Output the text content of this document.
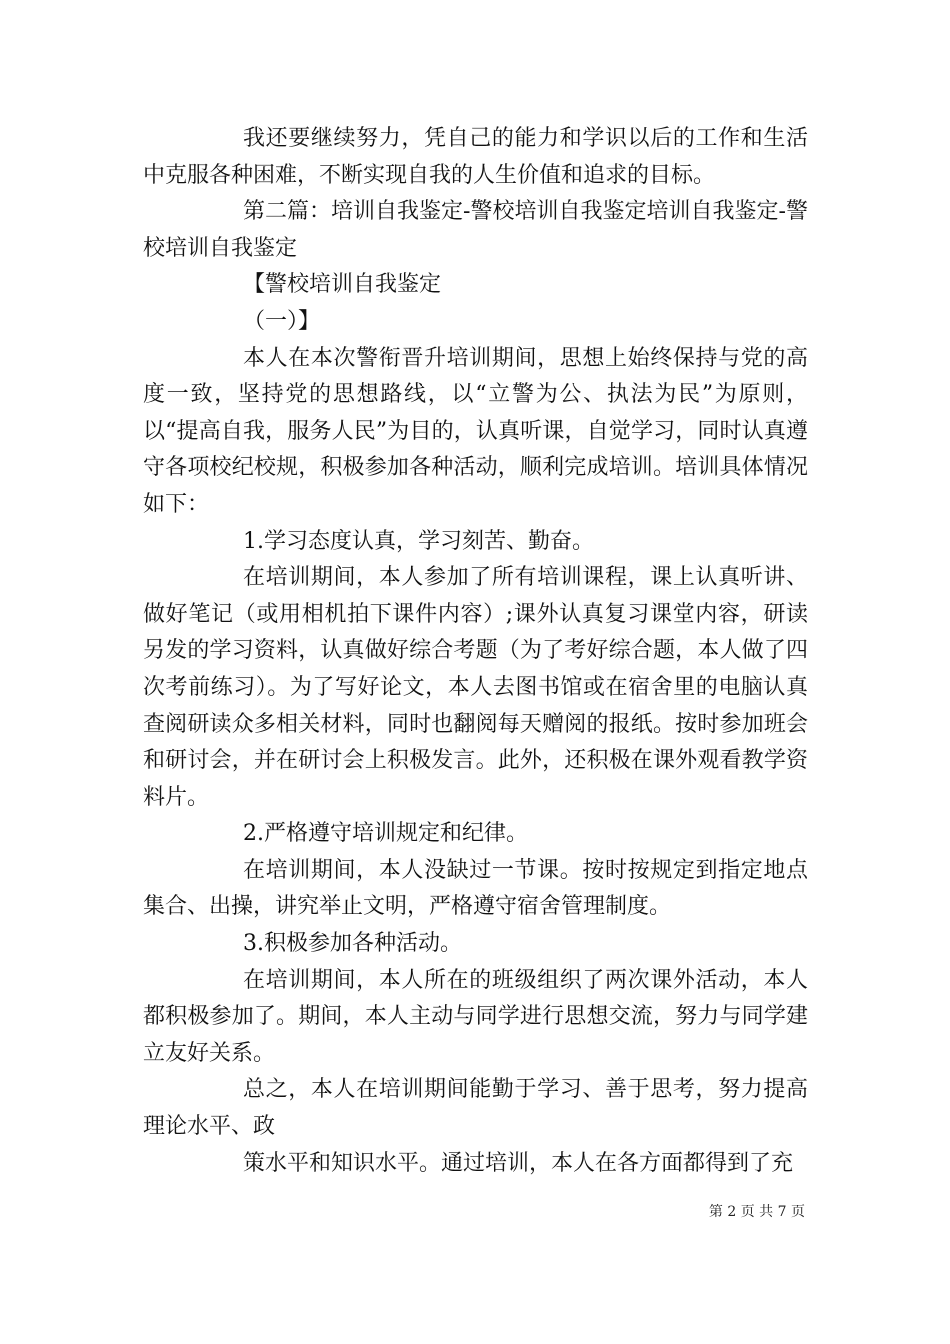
我还要继续努力，凭自己的能力和学识以后的工作和生活中克服各种困难，不断实现自我的人生价值和追求的目标。

第二篇：培训自我鉴定-警校培训自我鉴定培训自我鉴定-警校培训自我鉴定

【警校培训自我鉴定

（一）】

本人在本次警衔晋升培训期间，思想上始终保持与党的高度一致，坚持党的思想路线，以“立警为公、执法为民”为原则，以“提高自我，服务人民”为目的，认真听课，自觉学习，同时认真遵守各项校纪校规，积极参加各种活动，顺利完成培训。培训具体情况如下：

1.学习态度认真，学习刻苦、勤奋。

在培训期间，本人参加了所有培训课程，课上认真听讲、做好笔记（或用相机拍下课件内容）;课外认真复习课堂内容，研读另发的学习资料，认真做好综合考题（为了考好综合题，本人做了四次考前练习）。为了写好论文，本人去图书馆或在宿舍里的电脑认真查阅研读众多相关材料，同时也翻阅每天赠阅的报纸。按时参加班会和研讨会，并在研讨会上积极发言。此外，还积极在课外观看教学资料片。

2.严格遵守培训规定和纪律。

在培训期间，本人没缺过一节课。按时按规定到指定地点集合、出操，讲究举止文明，严格遵守宿舍管理制度。

3.积极参加各种活动。

在培训期间，本人所在的班级组织了两次课外活动，本人都积极参加了。期间，本人主动与同学进行思想交流，努力与同学建立友好关系。

总之，本人在培训期间能勤于学习、善于思考，努力提高理论水平、政

策水平和知识水平。通过培训，本人在各方面都得到了充

第 2 页 共 7 页
